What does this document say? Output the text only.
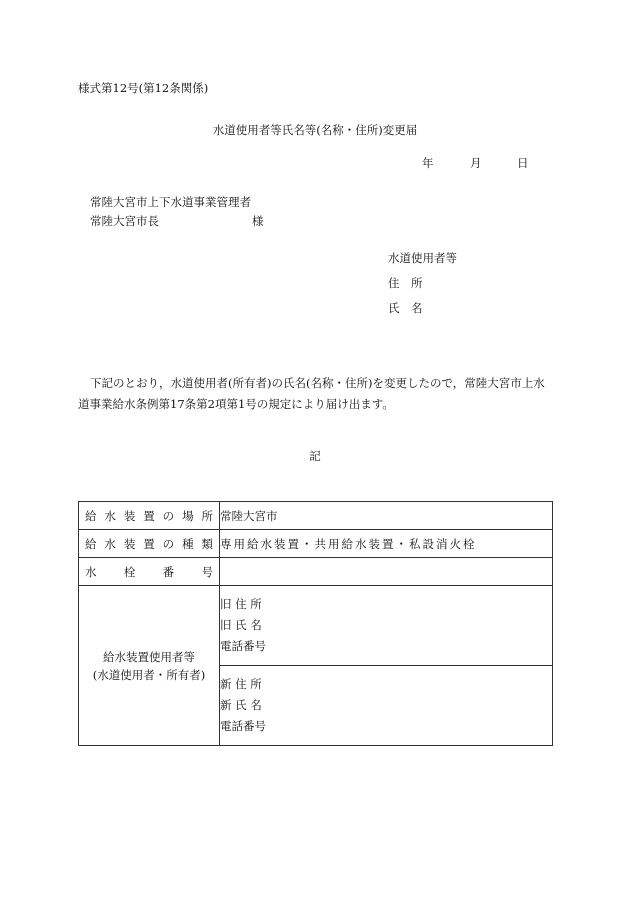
様式第12号(第12条関係)
水道使用者等氏名等(名称・住所)変更届
年	月	日
常陸大宮市上下水道事業管理者
常陸大宮市長	様
水道使用者等
住　所
氏　名
下記のとおり，水道使用者(所有者)の氏名(名称・住所)を変更したので，常陸大宮市上水道事業給水条例第17条第2項第1号の規定により届け出ます。
記
給水装置の場所	常陸大宮市

給水装置の種類	専用給水装置・共用給水装置・私設消火栓

水栓番号	

給水装置使用者等
(水道使用者・所有者)	旧 住 所
旧 氏 名
電話番号

	新 住 所
新 氏 名
電話番号
